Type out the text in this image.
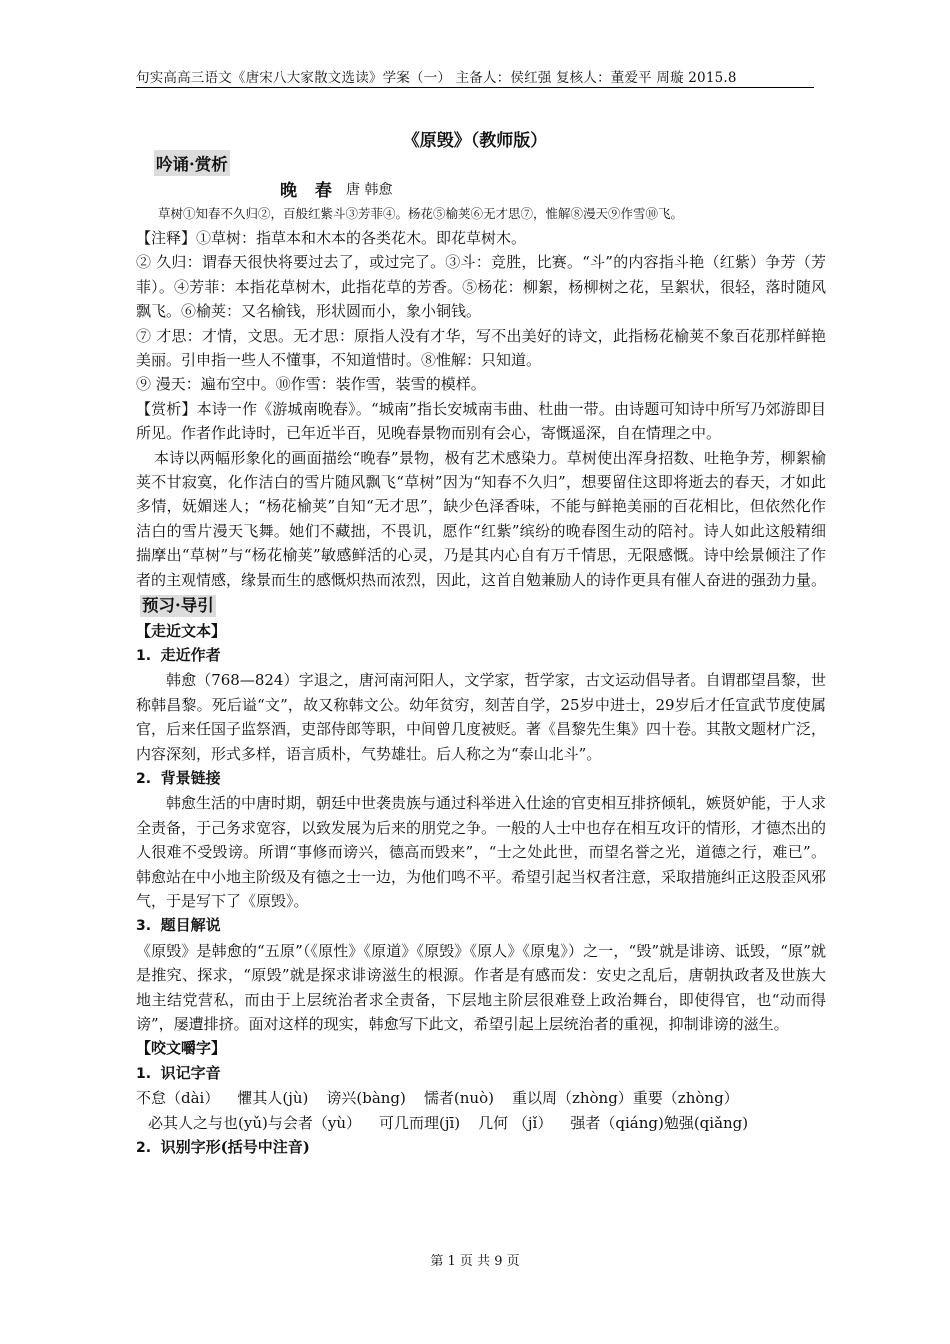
句实高高三语文《唐宋八大家散文选读》学案（一） 主备人：侯红强 复核人：董爱平 周璇 2015.8
《原毁》（教师版）
吟诵·赏析
晚 春 唐 韩愈
草树①知春不久归②，百般红紫斗③芳菲④。杨花⑤榆荚⑥无才思⑦，惟解⑧漫天⑨作雪⑩飞。

【注释】①草树：指草本和木本的各类花木。即花草树木。

② 久归：谓春天很快将要过去了，或过完了。③斗：竞胜，比赛。“斗”的内容指斗艳（红紫）争芳（芳菲）。④芳菲：本指花草树木，此指花草的芳香。⑤杨花：柳絮，杨柳树之花，呈絮状，很轻，落时随风飘飞。⑥榆荚：又名榆钱，形状圆而小，象小铜钱。

⑦ 才思：才情，文思。无才思：原指人没有才华，写不出美好的诗文，此指杨花榆荚不象百花那样鲜艳美丽。引申指一些人不懂事，不知道惜时。⑧惟解：只知道。

⑨ 漫天：遍布空中。⑩作雪：装作雪，装雪的模样。

【赏析】本诗一作《游城南晚春》。“城南”指长安城南韦曲、杜曲一带。由诗题可知诗中所写乃郊游即目所见。作者作此诗时，已年近半百，见晚春景物而别有会心，寄慨遥深，自在情理之中。

本诗以两幅形象化的画面描绘“晚春”景物，极有艺术感染力。草树使出浑身招数、吐艳争芳，柳絮榆荚不甘寂寞，化作洁白的雪片随风飘飞“草树”因为“知春不久归”，想要留住这即将逝去的春天，才如此多情，妩媚迷人；“杨花榆荚”自知“无才思”，缺少色泽香味，不能与鲜艳美丽的百花相比，但依然化作洁白的雪片漫天飞舞。她们不藏拙，不畏讥，愿作“红紫”缤纷的晚春图生动的陪衬。诗人如此这般精细揣摩出“草树”与“杨花榆荚”敏感鲜活的心灵，乃是其内心自有万千情思，无限感慨。诗中绘景倾注了作者的主观情感，缘景而生的感慨炽热而浓烈，因此，这首自勉兼励人的诗作更具有催人奋进的强劲力量。

预习·导引

【走近文本】

1. 走近作者

韩愈（768—824）字退之，唐河南河阳人，文学家，哲学家，古文运动倡导者。自谓郡望昌黎，世称韩昌黎。死后谥“文”，故又称韩文公。幼年贫穷，刻苦自学，25岁中进士，29岁后才任宣武节度使属官，后来任国子监祭酒，吏部侍郎等职，中间曾几度被贬。著《昌黎先生集》四十卷。其散文题材广泛，内容深刻，形式多样，语言质朴，气势雄壮。后人称之为“泰山北斗”。

2. 背景链接

韩愈生活的中唐时期，朝廷中世袭贵族与通过科举进入仕途的官吏相互排挤倾轧，嫉贤妒能，于人求全责备，于己务求宽容，以致发展为后来的朋党之争。一般的人士中也存在相互攻讦的情形，才德杰出的人很难不受毁谤。所谓“事修而谤兴，德高而毁来”，“士之处此世，而望名誉之光，道德之行，难已”。韩愈站在中小地主阶级及有德之士一边，为他们鸣不平。希望引起当权者注意，采取措施纠正这股歪风邪气，于是写下了《原毁》。

3. 题目解说

《原毁》是韩愈的“五原”（《原性》《原道》《原毁》《原人》《原鬼》）之一，“毁”就是诽谤、诋毁，“原”就是推究、探求，“原毁”就是探求诽谤滋生的根源。作者是有感而发：安史之乱后，唐朝执政者及世族大地主结党营私，而由于上层统治者求全责备，下层地主阶层很难登上政治舞台，即使得官，也“动而得谤”，屡遭排挤。面对这样的现实，韩愈写下此文，希望引起上层统治者的重视，抑制诽谤的滋生。

【咬文嚼字】

1. 识记字音

不怠（dài） 懼其人(jù) 谤兴(bàng) 懦者(nuò) 重以周（zhòng）重要（zhòng）

必其人之与也(yǔ)与会者（yù） 可几而理(jī) 几何 （jǐ） 强者（qiáng)勉强(qiǎng)

2. 识别字形(括号中注音)

第 1 页 共 9 页
